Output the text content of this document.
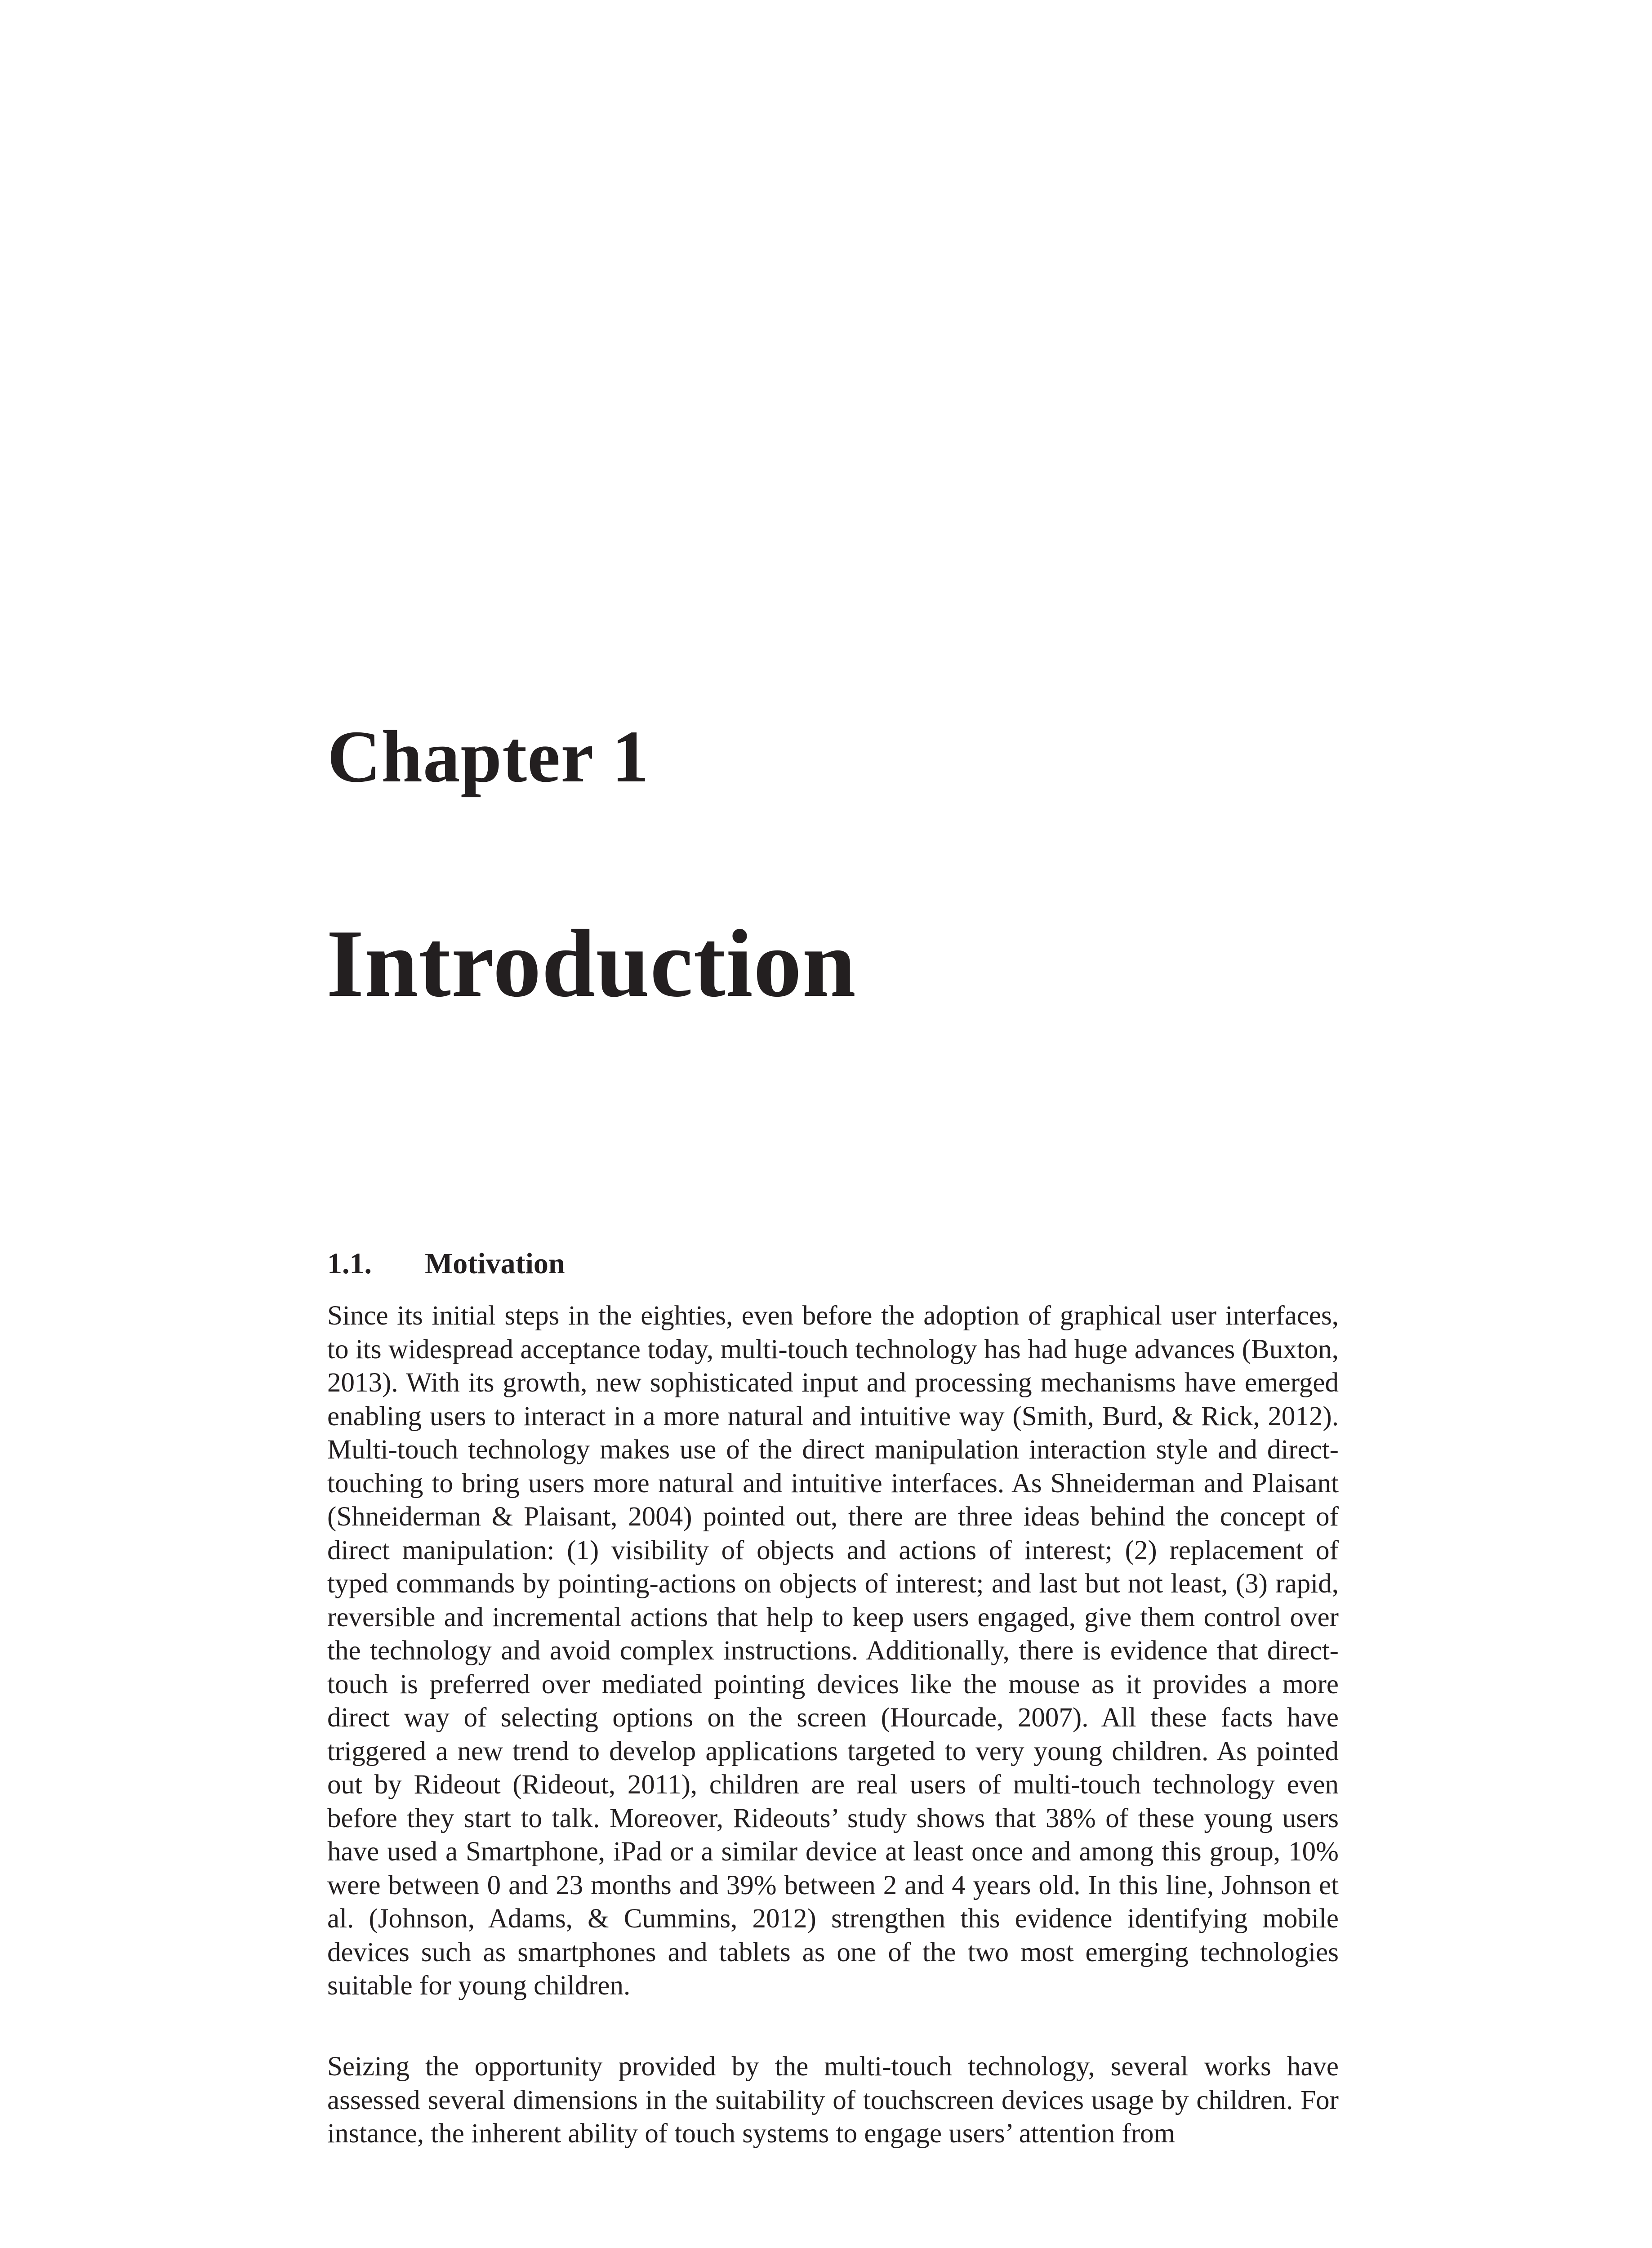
Chapter 1
Introduction
1.1. Motivation

Since its initial steps in the eighties, even before the adoption of graphical user interfaces, to its widespread acceptance today, multi-touch technology has had huge advances (Buxton, 2013). With its growth, new sophisticated input and processing mechanisms have emerged enabling users to interact in a more natural and intuitive way (Smith, Burd, & Rick, 2012). Multi-touch technology makes use of the direct manipulation interaction style and direct-touching to bring users more natural and intuitive interfaces. As Shneiderman and Plaisant (Shneiderman & Plaisant, 2004) pointed out, there are three ideas behind the concept of direct manipulation: (1) visibility of objects and actions of interest; (2) replacement of typed commands by pointing-actions on objects of interest; and last but not least, (3) rapid, reversible and incremental actions that help to keep users engaged, give them control over the technology and avoid complex instructions. Additionally, there is evidence that direct-touch is preferred over mediated pointing devices like the mouse as it provides a more direct way of selecting options on the screen (Hourcade, 2007). All these facts have triggered a new trend to develop applications targeted to very young children. As pointed out by Rideout (Rideout, 2011), children are real users of multi-touch technology even before they start to talk. Moreover, Rideouts’ study shows that 38% of these young users have used a Smartphone, iPad or a similar device at least once and among this group, 10% were between 0 and 23 months and 39% between 2 and 4 years old. In this line, Johnson et al. (Johnson, Adams, & Cummins, 2012) strengthen this evidence identifying mobile devices such as smartphones and tablets as one of the two most emerging technologies suitable for young children.

Seizing the opportunity provided by the multi-touch technology, several works have assessed several dimensions in the suitability of touchscreen devices usage by children. For instance, the inherent ability of touch systems to engage users’ attention from
